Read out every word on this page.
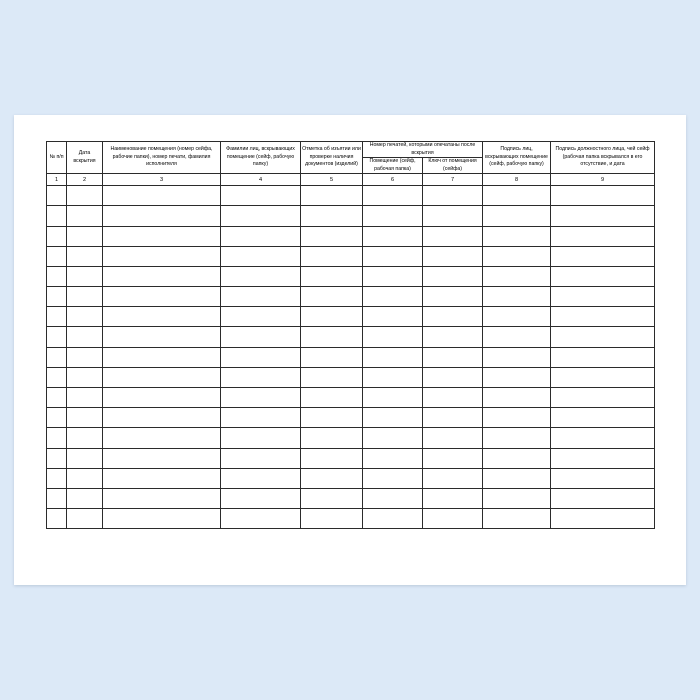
№ п/п	Дата вскрытия	Наименование помещения (номер сейфа, рабочие папки), номер печати, фамилия исполнителя	Фамилии лиц, вскрывающих помещение (сейф, рабочую папку)	Отметка об изъятии или проверке наличия документов (изделий)	Номер печатей, которыми опечатаны после вскрытия		Подпись лиц, вскрывающих помещение (сейф, рабочую папку)	Подпись должностного лица, чей сейф (рабочая папка вскрывался в его отсутствие, и дата
					Помещение (сейф, рабочая папка)	Ключ от помещения (сейфа)		
1	2	3	4	5	6	7	8	9
